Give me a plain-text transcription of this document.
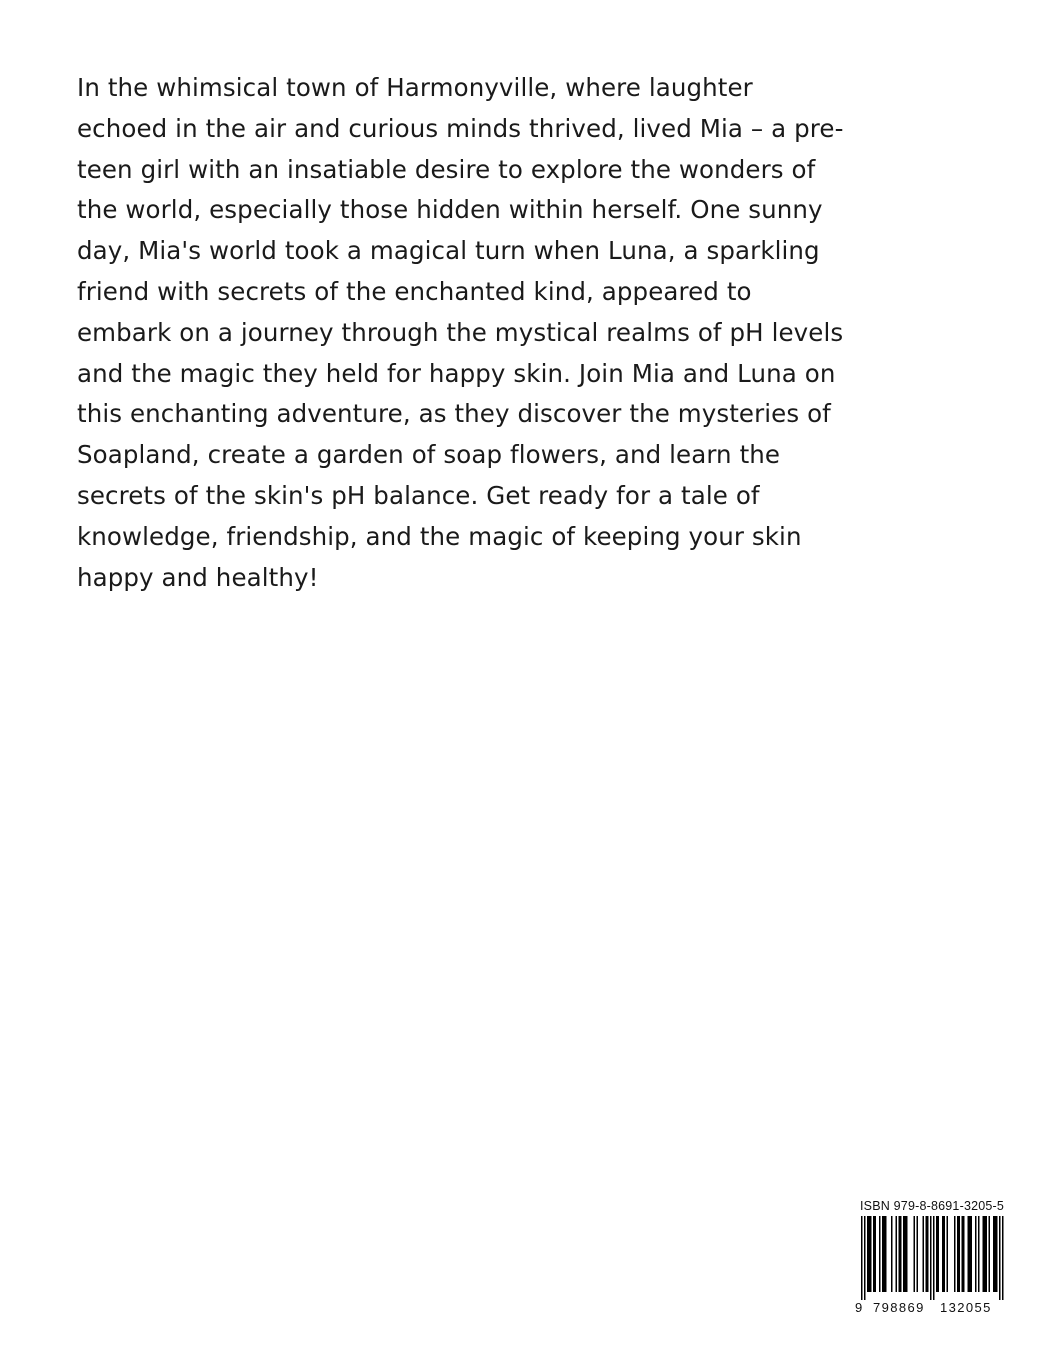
In the whimsical town of Harmonyville, where laughter
echoed in the air and curious minds thrived, lived Mia – a pre-
teen girl with an insatiable desire to explore the wonders of
the world, especially those hidden within herself. One sunny
day, Mia's world took a magical turn when Luna, a sparkling
friend with secrets of the enchanted kind, appeared to
embark on a journey through the mystical realms of pH levels
and the magic they held for happy skin. Join Mia and Luna on
this enchanting adventure, as they discover the mysteries of
Soapland, create a garden of soap flowers, and learn the
secrets of the skin's pH balance. Get ready for a tale of
knowledge, friendship, and the magic of keeping your skin
happy and healthy!

ISBN 979-8-8691-3205-5

9 798869 132055
